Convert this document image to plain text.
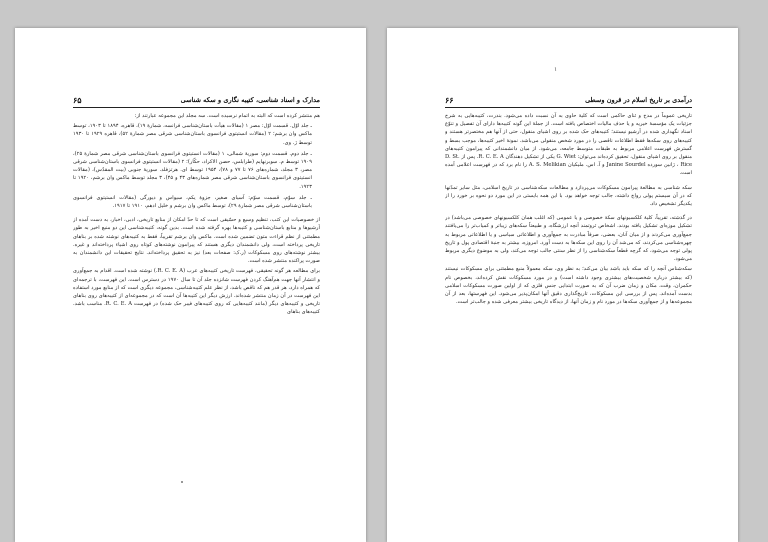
۶۵	مدارک و اسناد شناسی، کتیبه نگاری و سکه شناسی

هم منتشر کرده است که البته به اتمام نرسیده است. سه مجلد این مجموعه عبارتند از:

ـ جلد اوّل. قسمت اوّل: مصر ۱ (مقالات هیأت باستان‌شناسی فرانسه، شمارهٔ ۱۹)، قاهره، ۱۸۹۴ تا ۱۹۰۳، توسط ماکس وان برشم؛ ۲ (مقالات انستیتوی فرانسوی باستان‌شناسی شرقی مصر شمارهٔ ۵۲)، قاهره ۱۹۲۹ تا ۱۹۳۰ توسط ژ. وی.

ـ جلد دوم. قسمت دوم: سوریهٔ شمالی، ۱ (مقالات انستیتوی فرانسوی باستان‌شناسی شرقی مصر شمارهٔ ۲۵)، ۱۹۰۹ توسط م. سوبرنهایم (طرابلس، حصن الاکراد، حکّار)؛ ۲ (مقالات انستیتوی فرانسوی باستان‌شناسی شرقی مصر، ۳ مجلد، شماره‌های ۷۶ تا ۷۷ و ۷۸)، ۱۹۵۴ توسط ای. هرتزفلد. سوریهٔ جنوبی (بیت المقدّس)، (مقالات انستیتوی فرانسوی باستان‌شناسی شرقی مصر شماره‌های ۴۳ و ۴۵)، ۳ مجلد توسط ماکس وان برشم، ۱۹۲۰ تا ۱۹۲۳.

ـ جلد سوّم، قسمت سوّم: آسیای صغیر، جزوهٔ یکم، سیواس و دیورگی (مقالات انستیتوی فرانسوی باستان‌شناسی شرقی مصر شمارهٔ ۲۹)، توسط ماکس وان برشم و خلیل ادهم، ۱۹۱۰ تا ۱۹۱۷.

از خصوصیات این کتب، تنظیم وسیع و حسّیقی است که تا حدّ امکان از منابع تاریخی، ادبی، اخبار، به دست آمده از آرشیوها و منابع باستان‌شناسی و کتیبه‌ها بهره گرفته شده است. بدین گونه، کتیبه‌شناسی این دو منبع اخیر به طور مطمئنی از نظم قراءت متون تضمین شده است. ماکس وان برشم تقریباً، فقط به کتیبه‌های نوشته شده بر بناهای تاریخی پرداخته است، ولی دانشمندان دیگری هستند که پیرامون نوشته‌های کوتاه روی اشیاء پرداخته‌اند و غیره. بیشتر نوشته‌های روی مسکوکات (ر.ک: صفحات بعد) نیز به تحقیق پرداخته‌اند. نتایج تحقیقات این دانشمندان به صورت پراکنده منتشر شده است.

برای مطالعه هر گونه تحقیقی، فهرست تاریخی کتیبه‌های عرب (R. C. E. A.) نوشته شده است. اقدام به جمع‌آوری و انتشار آنها جهت هم‌آهنگ کردن فهرست شانزده جلد آن تا سال ۱۹۷۰ در دسترس است. این فهرست، با ترجمه‌ای که همراه دارد، هر قدر هم که ناقص باشد، از نظر علم کتیبه‌شناسی، مجموعه دیگری است که از منابع مورد استفاده این فهرست در آن زمان منتشر شده‌اند. ارزش دیگر این کتیبه‌ها آن است که در مجموعه‌ای از کتیبه‌های روی بناهای تاریخی و کتیبه‌های دیگر (مانند کتیبه‌هایی که روی کتیبه‌های فیبر حک شده) در فهرست R. C. E. A. مناسب باشد. کتیبه‌های بناهای

۱
درآمدی بر تاریخ اسلام در قرون وسطی
۶۶

تاریخی عموماً در مدح و ثنای حاکمی است که کلیهٔ حاوی به آن نسبت داده می‌شود. بندرت، کتیبه‌هایی به شرح جزئیات یک مؤسسهٔ خیریه و یا حذف مالیات اختصاص یافته است. از جملهٔ این گونه کتیبه‌ها دارای آن تفصیل و تنوّع اسناد نگهداری شده در آرشیو نیستند؛ کتیبه‌های حک شده بر روی اشیای منقول، حتی از آنها هم مختصرتر هستند و کتیبه‌های روی سکه‌ها فقط اطلاعات ناقصی را در مورد شخص منقولی می‌باشد. نمونهٔ اخیر کتیبه‌ها، موجب بسط و گسترش فهرست اعلامی مربوط به طبقات متوسط جامعه، می‌شود. از میان دانشمندانی که پیرامون کتیبه‌های منقول بر روی اشیای منقول، تحقیق کرده‌اند می‌توان: G. Wiet یکی از تشکیل دهندگان R. C. E. A. پس از D. St. Rice ، ژانین سورده Janine Sourdel و آ. اس. ملیکیان A. S. Melikian را نام برد که در فهرست اعلامی آمده است.

سکه شناسی به مطالعهٔ پیرامون مسکوکات می‌پردازد و مطالعات سکه‌شناسی در تاریخ اسلامی، مثل سایر تمدّنها که در آن سیستم پولی رواج داشته، جالب توجه خواهد بود. با این همه بایستی در این مورد دو نحوه بر خورد را از یکدیگر تشخیص داد.

در گذشته، تقریباً، کلیهٔ کلکسیونهای سکهٔ خصوصی و یا عمومی (که اغلب همان کلکسیونهای خصوصی می‌باشد) در تشکیل موزه‌ای تشکیل یافته بودند. اشخاص ثروتمند آنچه ارزشگاه، و طبیعتاً سکه‌های زیباتر و کمیاب‌تر را می‌یافتند جمع‌آوری می‌کردند و از میان آنان، بعضی، صرفاً مبادرت به جمع‌آوری و اطلاعاتی سیاسی و یا اطلاعاتی مربوط به چهره‌شناسی می‌کردند، که می‌شد آن را روی این سکه‌ها به دست آورد. امروزه، بیشتر به جنبهٔ اقتصادی پول و تاریخ پولی توجه می‌شود، که گرچه قطعاً سکه‌شناسی را از نظر سنتی جالب توجه می‌کند، ولی به موضوع دیگری مربوط می‌شود.

سکه‌شناس آنچه را که سکه باید باشد بیان می‌کند؛ به نظر وی، سکه معمولاً منبع مطمئنی برای مسکوکات نیستند (که بیشتر درباره شخصیت‌های بیشتری وجود داشته است) و در مورد مسکوکات نقش کرده‌اند، بخصوص نام حکمران، وقت، مکان و زمان ضرب آن که به صورت ابتدایی جنس فلزی که از اولین صورت مسکوکات اسلامی بدست آمده‌اند. پس از بررسی این مسکوکات، تاریخ‌گذاری دقیق آنها امکان‌پذیر می‌شود. این فهرستها، بعد از آن مجموعه‌ها و از جمع‌آوری سکه‌ها در مورد نام و زمان آنها، از دیدگاه تاریخی بیشتر معرفی شده و جالب‌تر است.
